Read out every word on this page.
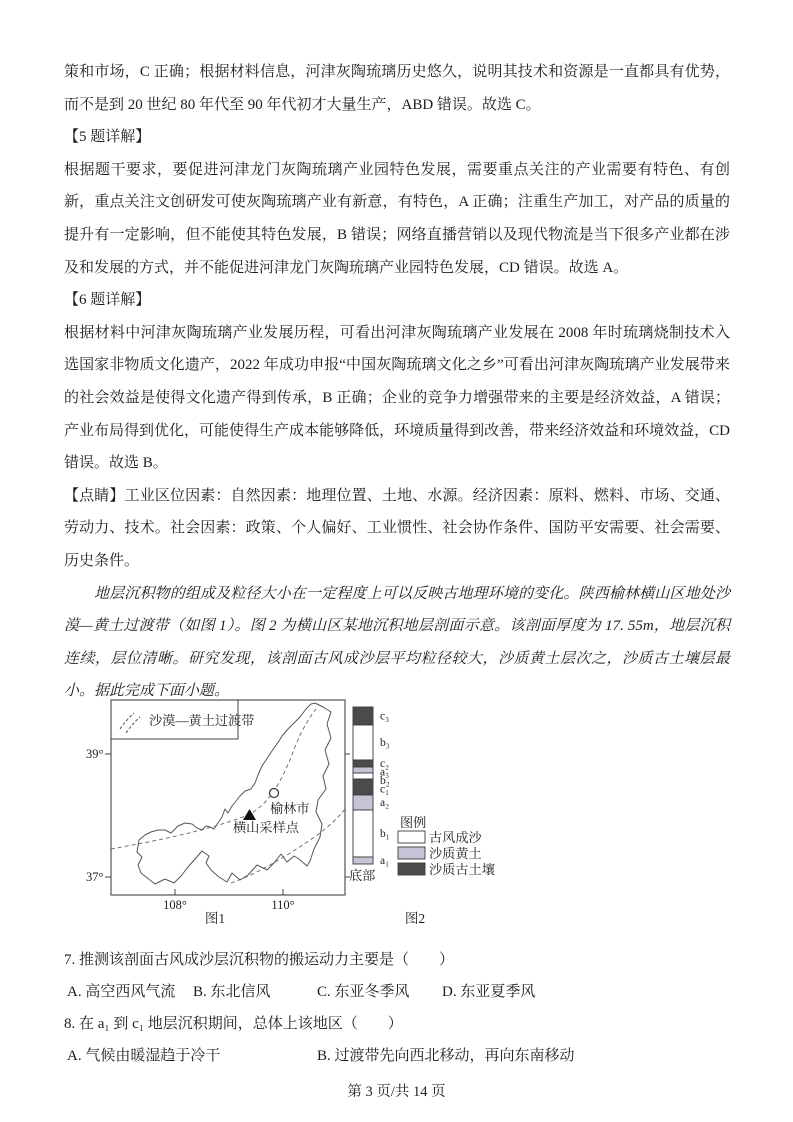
策和市场，C 正确；根据材料信息，河津灰陶琉璃历史悠久，说明其技术和资源是一直都具有优势，而不是到 20 世纪 80 年代至 90 年代初才大量生产，ABD 错误。故选 C。

【5 题详解】

根据题干要求，要促进河津龙门灰陶琉璃产业园特色发展，需要重点关注的产业需要有特色、有创新，重点关注文创研发可使灰陶琉璃产业有新意，有特色，A 正确；注重生产加工，对产品的质量的提升有一定影响，但不能使其特色发展，B 错误；网络直播营销以及现代物流是当下很多产业都在涉及和发展的方式，并不能促进河津龙门灰陶琉璃产业园特色发展，CD 错误。故选 A。

【6 题详解】

根据材料中河津灰陶琉璃产业发展历程，可看出河津灰陶琉璃产业发展在 2008 年时琉璃烧制技术入选国家非物质文化遗产，2022 年成功申报“中国灰陶琉璃文化之乡”可看出河津灰陶琉璃产业发展带来的社会效益是使得文化遗产得到传承，B 正确；企业的竞争力增强带来的主要是经济效益，A 错误；产业布局得到优化，可能使得生产成本能够降低，环境质量得到改善，带来经济效益和环境效益，CD 错误。故选 B。

【点睛】工业区位因素：自然因素：地理位置、土地、水源。经济因素：原料、燃料、市场、交通、劳动力、技术。社会因素：政策、个人偏好、工业惯性、社会协作条件、国防平安需要、社会需要、历史条件。

地层沉积物的组成及粒径大小在一定程度上可以反映古地理环境的变化。陕西榆林横山区地处沙漠—黄土过渡带（如图 1）。图 2 为横山区某地沉积地层剖面示意。该剖面厚度为 17. 55m，地层沉积连续，层位清晰。研究发现，该剖面古风成沙层平均粒径较大，沙质黄土层次之，沙质古土壤层最小。据此完成下面小题。

沙漠—黄土过渡带
榆林市
横山采样点
39°
37°
108°	110°
图1
c₃
b₃
c₂
a₃
b₂
c₁
a₂
b₁
a₁
底部
图2
图例
古风成沙
沙质黄土
沙质古土壤
7. 推测该剖面古风成沙层沉积物的搬运动力主要是（　　）
A. 高空西风气流	B. 东北信风	C. 东亚冬季风	D. 东亚夏季风
8. 在 a₁ 到 c₁ 地层沉积期间，总体上该地区（　　）
A. 气候由暖湿趋于冷干	B. 过渡带先向西北移动，再向东南移动
第 3 页/共 14 页
